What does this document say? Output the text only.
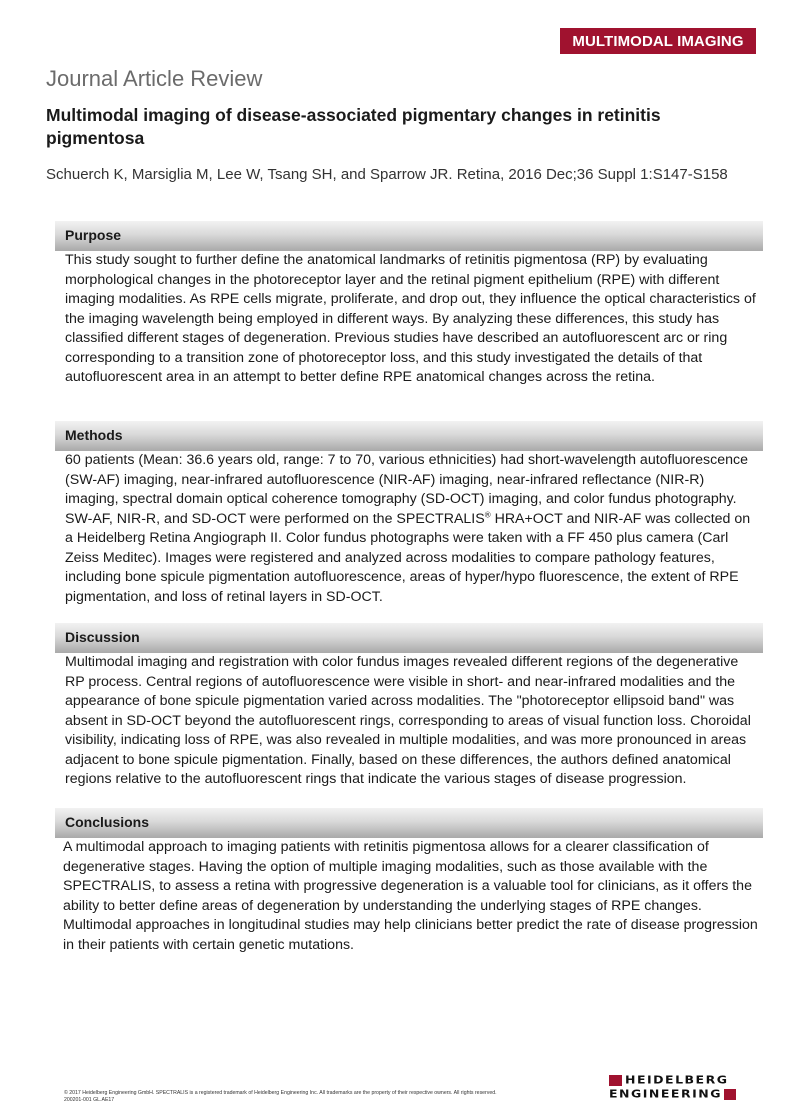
MULTIMODAL IMAGING
Journal Article Review
Multimodal imaging of disease-associated pigmentary changes in retinitis pigmentosa
Schuerch K, Marsiglia M, Lee W, Tsang SH, and Sparrow JR. Retina, 2016 Dec;36 Suppl 1:S147-S158
Purpose
This study sought to further define the anatomical landmarks of retinitis pigmentosa (RP) by evaluating morphological changes in the photoreceptor layer and the retinal pigment epithelium (RPE) with different imaging modalities. As RPE cells migrate, proliferate, and drop out, they influence the optical characteristics of the imaging wavelength being employed in different ways. By analyzing these differences, this study has classified different stages of degeneration. Previous studies have described an autofluorescent arc or ring corresponding to a transition zone of photoreceptor loss, and this study investigated the details of that autofluorescent area in an attempt to better define RPE anatomical changes across the retina.
Methods
60 patients (Mean: 36.6 years old, range: 7 to 70, various ethnicities) had short-wavelength autofluorescence (SW-AF) imaging, near-infrared autofluorescence (NIR-AF) imaging, near-infrared reflectance (NIR-R) imaging, spectral domain optical coherence tomography (SD-OCT) imaging, and color fundus photography. SW-AF, NIR-R, and SD-OCT were performed on the SPECTRALIS® HRA+OCT and NIR-AF was collected on a Heidelberg Retina Angiograph II. Color fundus photographs were taken with a FF 450 plus camera (Carl Zeiss Meditec). Images were registered and analyzed across modalities to compare pathology features, including bone spicule pigmentation autofluorescence, areas of hyper/hypo fluorescence, the extent of RPE pigmentation, and loss of retinal layers in SD-OCT.
Discussion
Multimodal imaging and registration with color fundus images revealed different regions of the degenerative RP process. Central regions of autofluorescence were visible in short- and near-infrared modalities and the appearance of bone spicule pigmentation varied across modalities. The "photoreceptor ellipsoid band" was absent in SD-OCT beyond the autofluorescent rings, corresponding to areas of visual function loss. Choroidal visibility, indicating loss of RPE, was also revealed in multiple modalities, and was more pronounced in areas adjacent to bone spicule pigmentation. Finally, based on these differences, the authors defined anatomical regions relative to the autofluorescent rings that indicate the various stages of disease progression.
Conclusions
A multimodal approach to imaging patients with retinitis pigmentosa allows for a clearer classification of degenerative stages. Having the option of multiple imaging modalities, such as those available with the SPECTRALIS, to assess a retina with progressive degeneration is a valuable tool for clinicians, as it offers the ability to better define areas of degeneration by understanding the underlying stages of RPE changes. Multimodal approaches in longitudinal studies may help clinicians better predict the rate of disease progression in their patients with certain genetic mutations.
© 2017 Heidelberg Engineering GmbH. SPECTRALIS is a registered trademark of Heidelberg Engineering Inc. All trademarks are the property of their respective owners. All rights reserved.
200201-001 GL.AE17
HEIDELBERG
ENGINEERING
